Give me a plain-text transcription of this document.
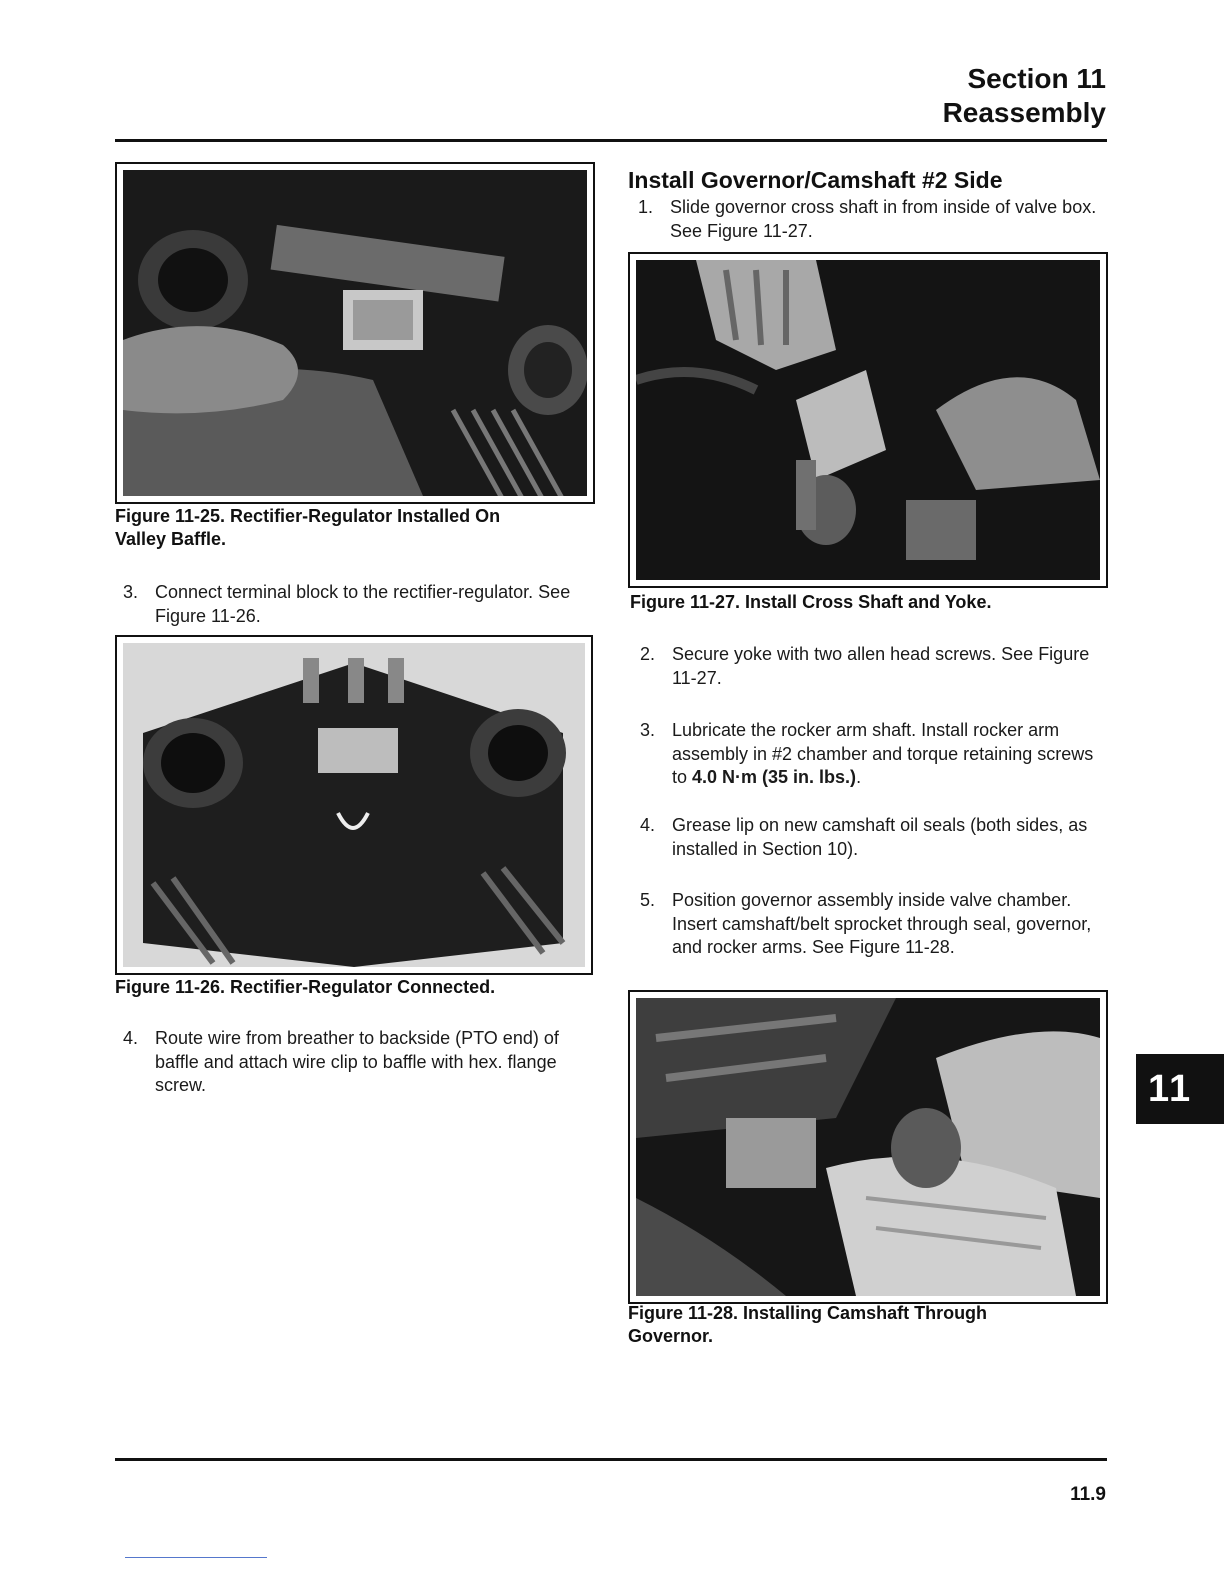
Section 11
Reassembly
Figure 11-25. Rectifier-Regulator Installed On Valley Baffle.
3. Connect terminal block to the rectifier-regulator. See Figure 11-26.
Figure 11-26. Rectifier-Regulator Connected.
4. Route wire from breather to backside (PTO end) of baffle and attach wire clip to baffle with hex. flange screw.
Install Governor/Camshaft #2 Side
1. Slide governor cross shaft in from inside of valve box. See Figure 11-27.
Figure 11-27. Install Cross Shaft and Yoke.
2. Secure yoke with two allen head screws. See Figure 11-27.
3. Lubricate the rocker arm shaft. Install rocker arm assembly in #2 chamber and torque retaining screws to 4.0 N·m (35 in. lbs.).
4. Grease lip on new camshaft oil seals (both sides, as installed in Section 10).
5. Position governor assembly inside valve chamber. Insert camshaft/belt sprocket through seal, governor, and rocker arms. See Figure 11-28.
Figure 11-28. Installing Camshaft Through Governor.
11
11.9
